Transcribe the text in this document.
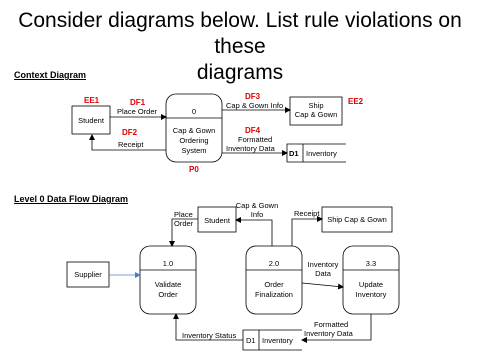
Consider diagrams below. List rule violations on these
diagrams
Context Diagram
EE1
Student
DF1
Place Order
DF2
Receipt
0
Cap & Gown
Ordering
System
P0
DF3
Cap & Gown Info	Ship
Cap & Gown
EE2
DF4
Formatted
Inventory Data
D1 Inventory
Level 0 Data Flow Diagram
Place
Order	Student
Cap & Gown
Info	Receipt
Ship Cap & Gown
Supplier
1.0
Validate
Order
2.0
Order
Finalization
3.3
Update
Inventory
Inventory
Data
Formatted
Inventory Data
Inventory Status
D1 Inventory
